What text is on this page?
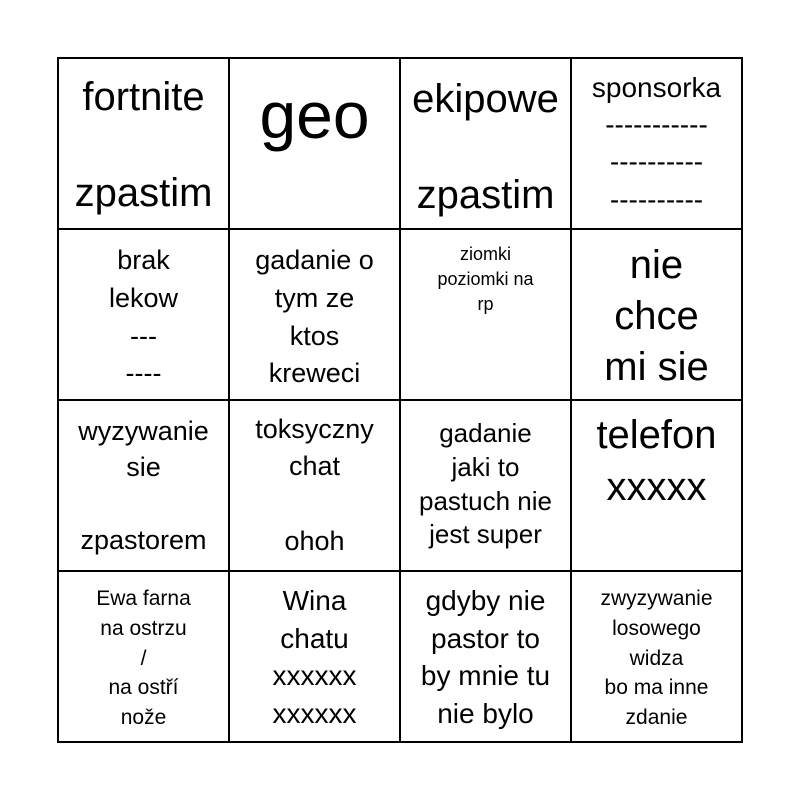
fortnite

zpastim
geo ekipowe

zpastim
sponsorka
-----------
----------
----------
brak
lekow
---
----
gadanie o
tym ze
ktos
kreweci
ziomki
poziomki na
rp
nie
chce
mi sie
wyzywanie
sie

zpastorem
toksyczny
chat

ohoh
gadanie
jaki to
pastuch nie
jest super
telefon
xxxxx
Ewa farna
na ostrzu
/
na ostří
nože
Wina
chatu
xxxxxx
xxxxxx
gdyby nie
pastor to
by mnie tu
nie bylo
zwyzywanie
losowego
widza
bo ma inne
zdanie
